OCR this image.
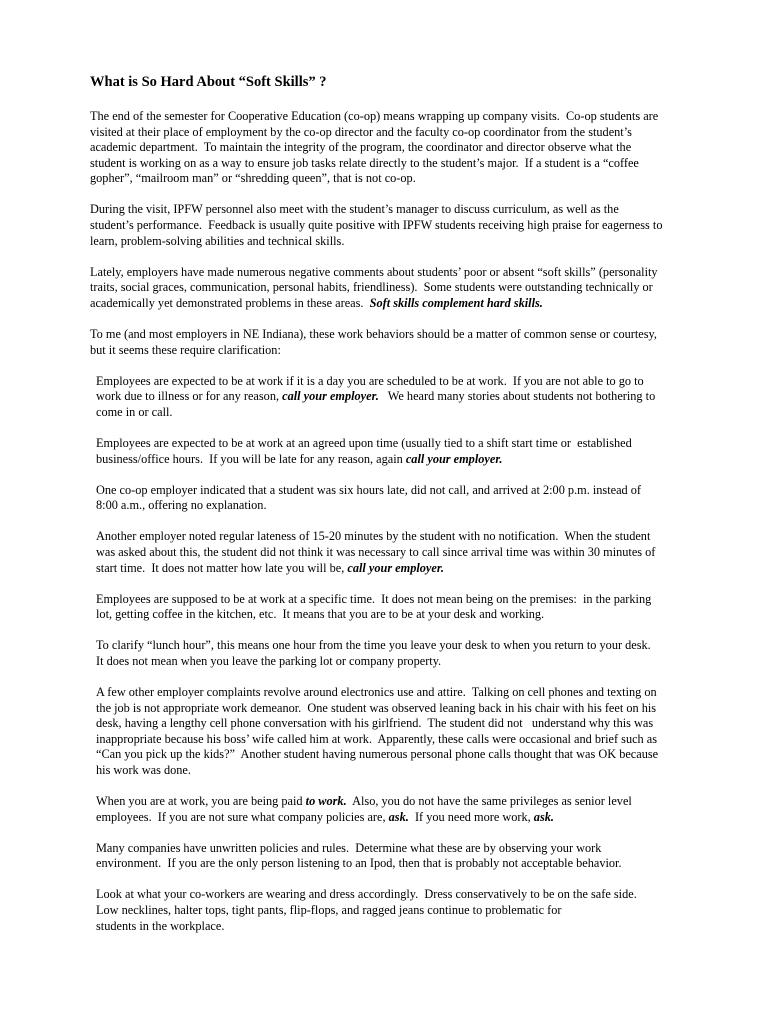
What is So Hard About “Soft Skills” ?
The end of the semester for Cooperative Education (co-op) means wrapping up company visits.  Co-op students are
visited at their place of employment by the co-op director and the faculty co-op coordinator from the student’s
academic department.  To maintain the integrity of the program, the coordinator and director observe what the
student is working on as a way to ensure job tasks relate directly to the student’s major.  If a student is a “coffee
gopher”, “mailroom man” or “shredding queen”, that is not co-op.
During the visit, IPFW personnel also meet with the student’s manager to discuss curriculum, as well as the
student’s performance.  Feedback is usually quite positive with IPFW students receiving high praise for eagerness to
learn, problem-solving abilities and technical skills.
Lately, employers have made numerous negative comments about students’ poor or absent “soft skills” (personality
traits, social graces, communication, personal habits, friendliness).  Some students were outstanding technically or
academically yet demonstrated problems in these areas.  Soft skills complement hard skills.
To me (and most employers in NE Indiana), these work behaviors should be a matter of common sense or courtesy,
but it seems these require clarification:
Employees are expected to be at work if it is a day you are scheduled to be at work.  If you are not able to go to
work due to illness or for any reason, call your employer.   We heard many stories about students not bothering to
come in or call.
Employees are expected to be at work at an agreed upon time (usually tied to a shift start time or  established
business/office hours.  If you will be late for any reason, again call your employer.
One co-op employer indicated that a student was six hours late, did not call, and arrived at 2:00 p.m. instead of
8:00 a.m., offering no explanation.
Another employer noted regular lateness of 15-20 minutes by the student with no notification.  When the student
was asked about this, the student did not think it was necessary to call since arrival time was within 30 minutes of
start time.  It does not matter how late you will be, call your employer.
Employees are supposed to be at work at a specific time.  It does not mean being on the premises:  in the parking
lot, getting coffee in the kitchen, etc.  It means that you are to be at your desk and working.
To clarify “lunch hour”, this means one hour from the time you leave your desk to when you return to your desk.
It does not mean when you leave the parking lot or company property.
A few other employer complaints revolve around electronics use and attire.  Talking on cell phones and texting on
the job is not appropriate work demeanor.  One student was observed leaning back in his chair with his feet on his
desk, having a lengthy cell phone conversation with his girlfriend.  The student did not   understand why this was
inappropriate because his boss’ wife called him at work.  Apparently, these calls were occasional and brief such as
“Can you pick up the kids?”  Another student having numerous personal phone calls thought that was OK because
his work was done.
When you are at work, you are being paid to work.  Also, you do not have the same privileges as senior level
employees.  If you are not sure what company policies are, ask.  If you need more work, ask.
Many companies have unwritten policies and rules.  Determine what these are by observing your work
environment.  If you are the only person listening to an Ipod, then that is probably not acceptable behavior.
Look at what your co-workers are wearing and dress accordingly.  Dress conservatively to be on the safe side.
Low necklines, halter tops, tight pants, flip-flops, and ragged jeans continue to problematic for
students in the workplace.
